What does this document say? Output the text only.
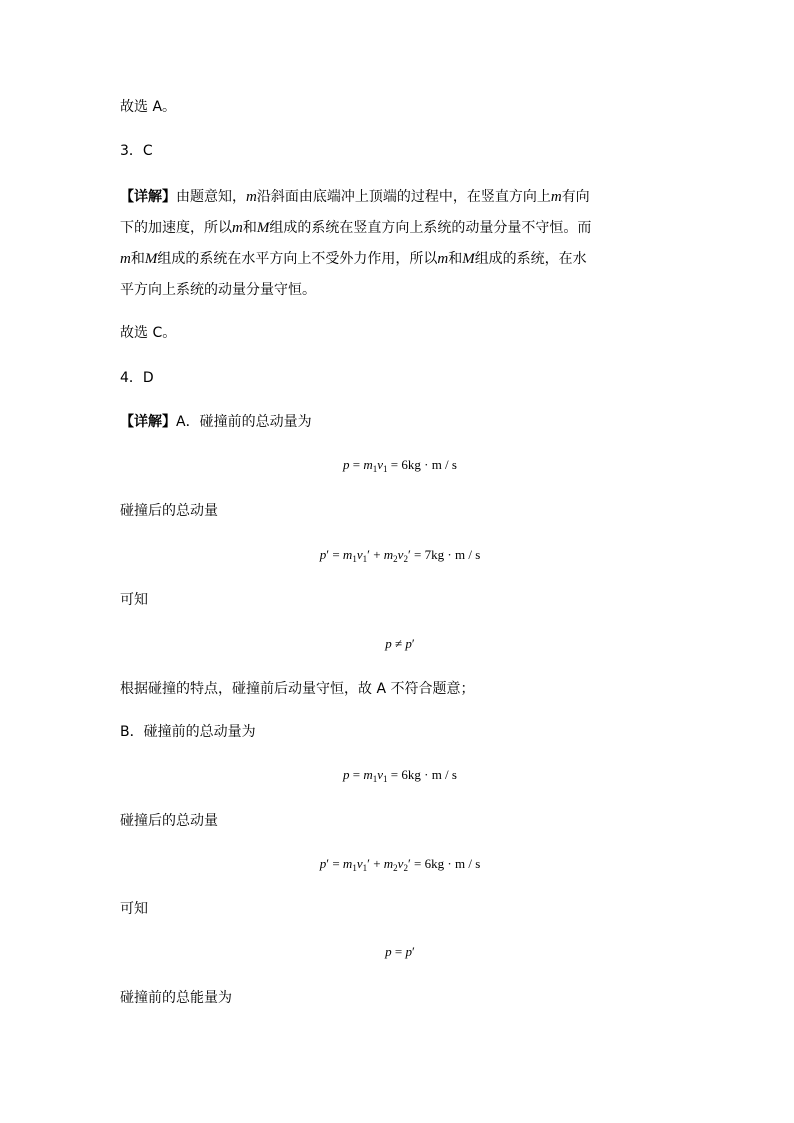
故选 A。
3．C
【详解】由题意知，m沿斜面由底端冲上顶端的过程中，在竖直方向上m有向
下的加速度，所以m和M组成的系统在竖直方向上系统的动量分量不守恒。而
m和M组成的系统在水平方向上不受外力作用，所以m和M组成的系统，在水
平方向上系统的动量分量守恒。
故选 C。
4．D
【详解】A．碰撞前的总动量为
$p = m_1v_1 = 6kg \cdot m / s$
碰撞后的总动量
$p' = m_1v_1' + m_2v_2' = 7kg \cdot m / s$
可知
p ≠ p′
根据碰撞的特点，碰撞前后动量守恒，故 A 不符合题意；
B．碰撞前的总动量为
$p = m_1v_1 = 6kg \cdot m / s$
碰撞后的总动量
$p' = m_1v_1' + m_2v_2' = 6kg \cdot m / s$
可知
p = p′
碰撞前的总能量为
